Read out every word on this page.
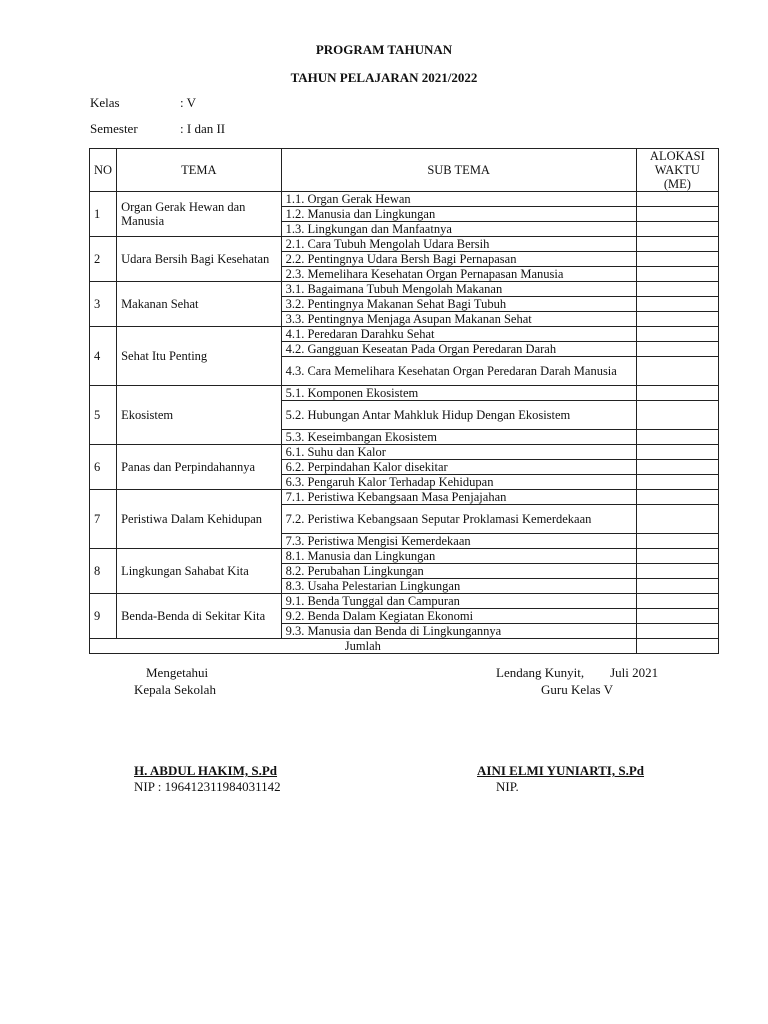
PROGRAM TAHUNAN
TAHUN PELAJARAN 2021/2022
Kelas	: V
Semester	: I dan II
NO	TEMA	SUB TEMA	ALOKASI WAKTU (ME)
1	Organ Gerak Hewan dan Manusia	1.1. Organ Gerak Hewan	
		1.2. Manusia dan Lingkungan	
		1.3. Lingkungan dan Manfaatnya	
2	Udara Bersih Bagi Kesehatan	2.1. Cara Tubuh Mengolah Udara Bersih	
		2.2. Pentingnya Udara Bersh Bagi Pernapasan	
		2.3. Memelihara Kesehatan Organ Pernapasan Manusia	
3	Makanan Sehat	3.1. Bagaimana Tubuh Mengolah Makanan	
		3.2. Pentingnya Makanan Sehat Bagi Tubuh	
		3.3. Pentingnya Menjaga Asupan Makanan Sehat	
4	Sehat Itu Penting	4.1. Peredaran Darahku Sehat	
		4.2. Gangguan Keseatan Pada Organ Peredaran Darah	
		4.3. Cara Memelihara Kesehatan Organ Peredaran Darah Manusia	
5	Ekosistem	5.1. Komponen Ekosistem	
		5.2. Hubungan Antar Mahkluk Hidup Dengan Ekosistem	
		5.3. Keseimbangan Ekosistem	
6	Panas dan Perpindahannya	6.1. Suhu dan Kalor	
		6.2. Perpindahan Kalor disekitar	
		6.3. Pengaruh Kalor Terhadap Kehidupan	
7	Peristiwa Dalam Kehidupan	7.1. Peristiwa Kebangsaan Masa Penjajahan	
		7.2. Peristiwa Kebangsaan Seputar Proklamasi Kemerdekaan	
		7.3. Peristiwa Mengisi Kemerdekaan	
8	Lingkungan Sahabat Kita	8.1. Manusia dan Lingkungan	
		8.2. Perubahan Lingkungan	
		8.3. Usaha Pelestarian Lingkungan	
9	Benda-Benda di Sekitar Kita	9.1. Benda Tunggal dan Campuran	
		9.2. Benda Dalam Kegiatan Ekonomi	
		9.3. Manusia dan Benda di Lingkungannya	
Jumlah			
Mengetahui
Kepala Sekolah
Lendang Kunyit, Juli 2021
Guru Kelas V
H. ABDUL HAKIM, S.Pd
NIP : 196412311984031142
AINI ELMI YUNIARTI, S.Pd
NIP.
